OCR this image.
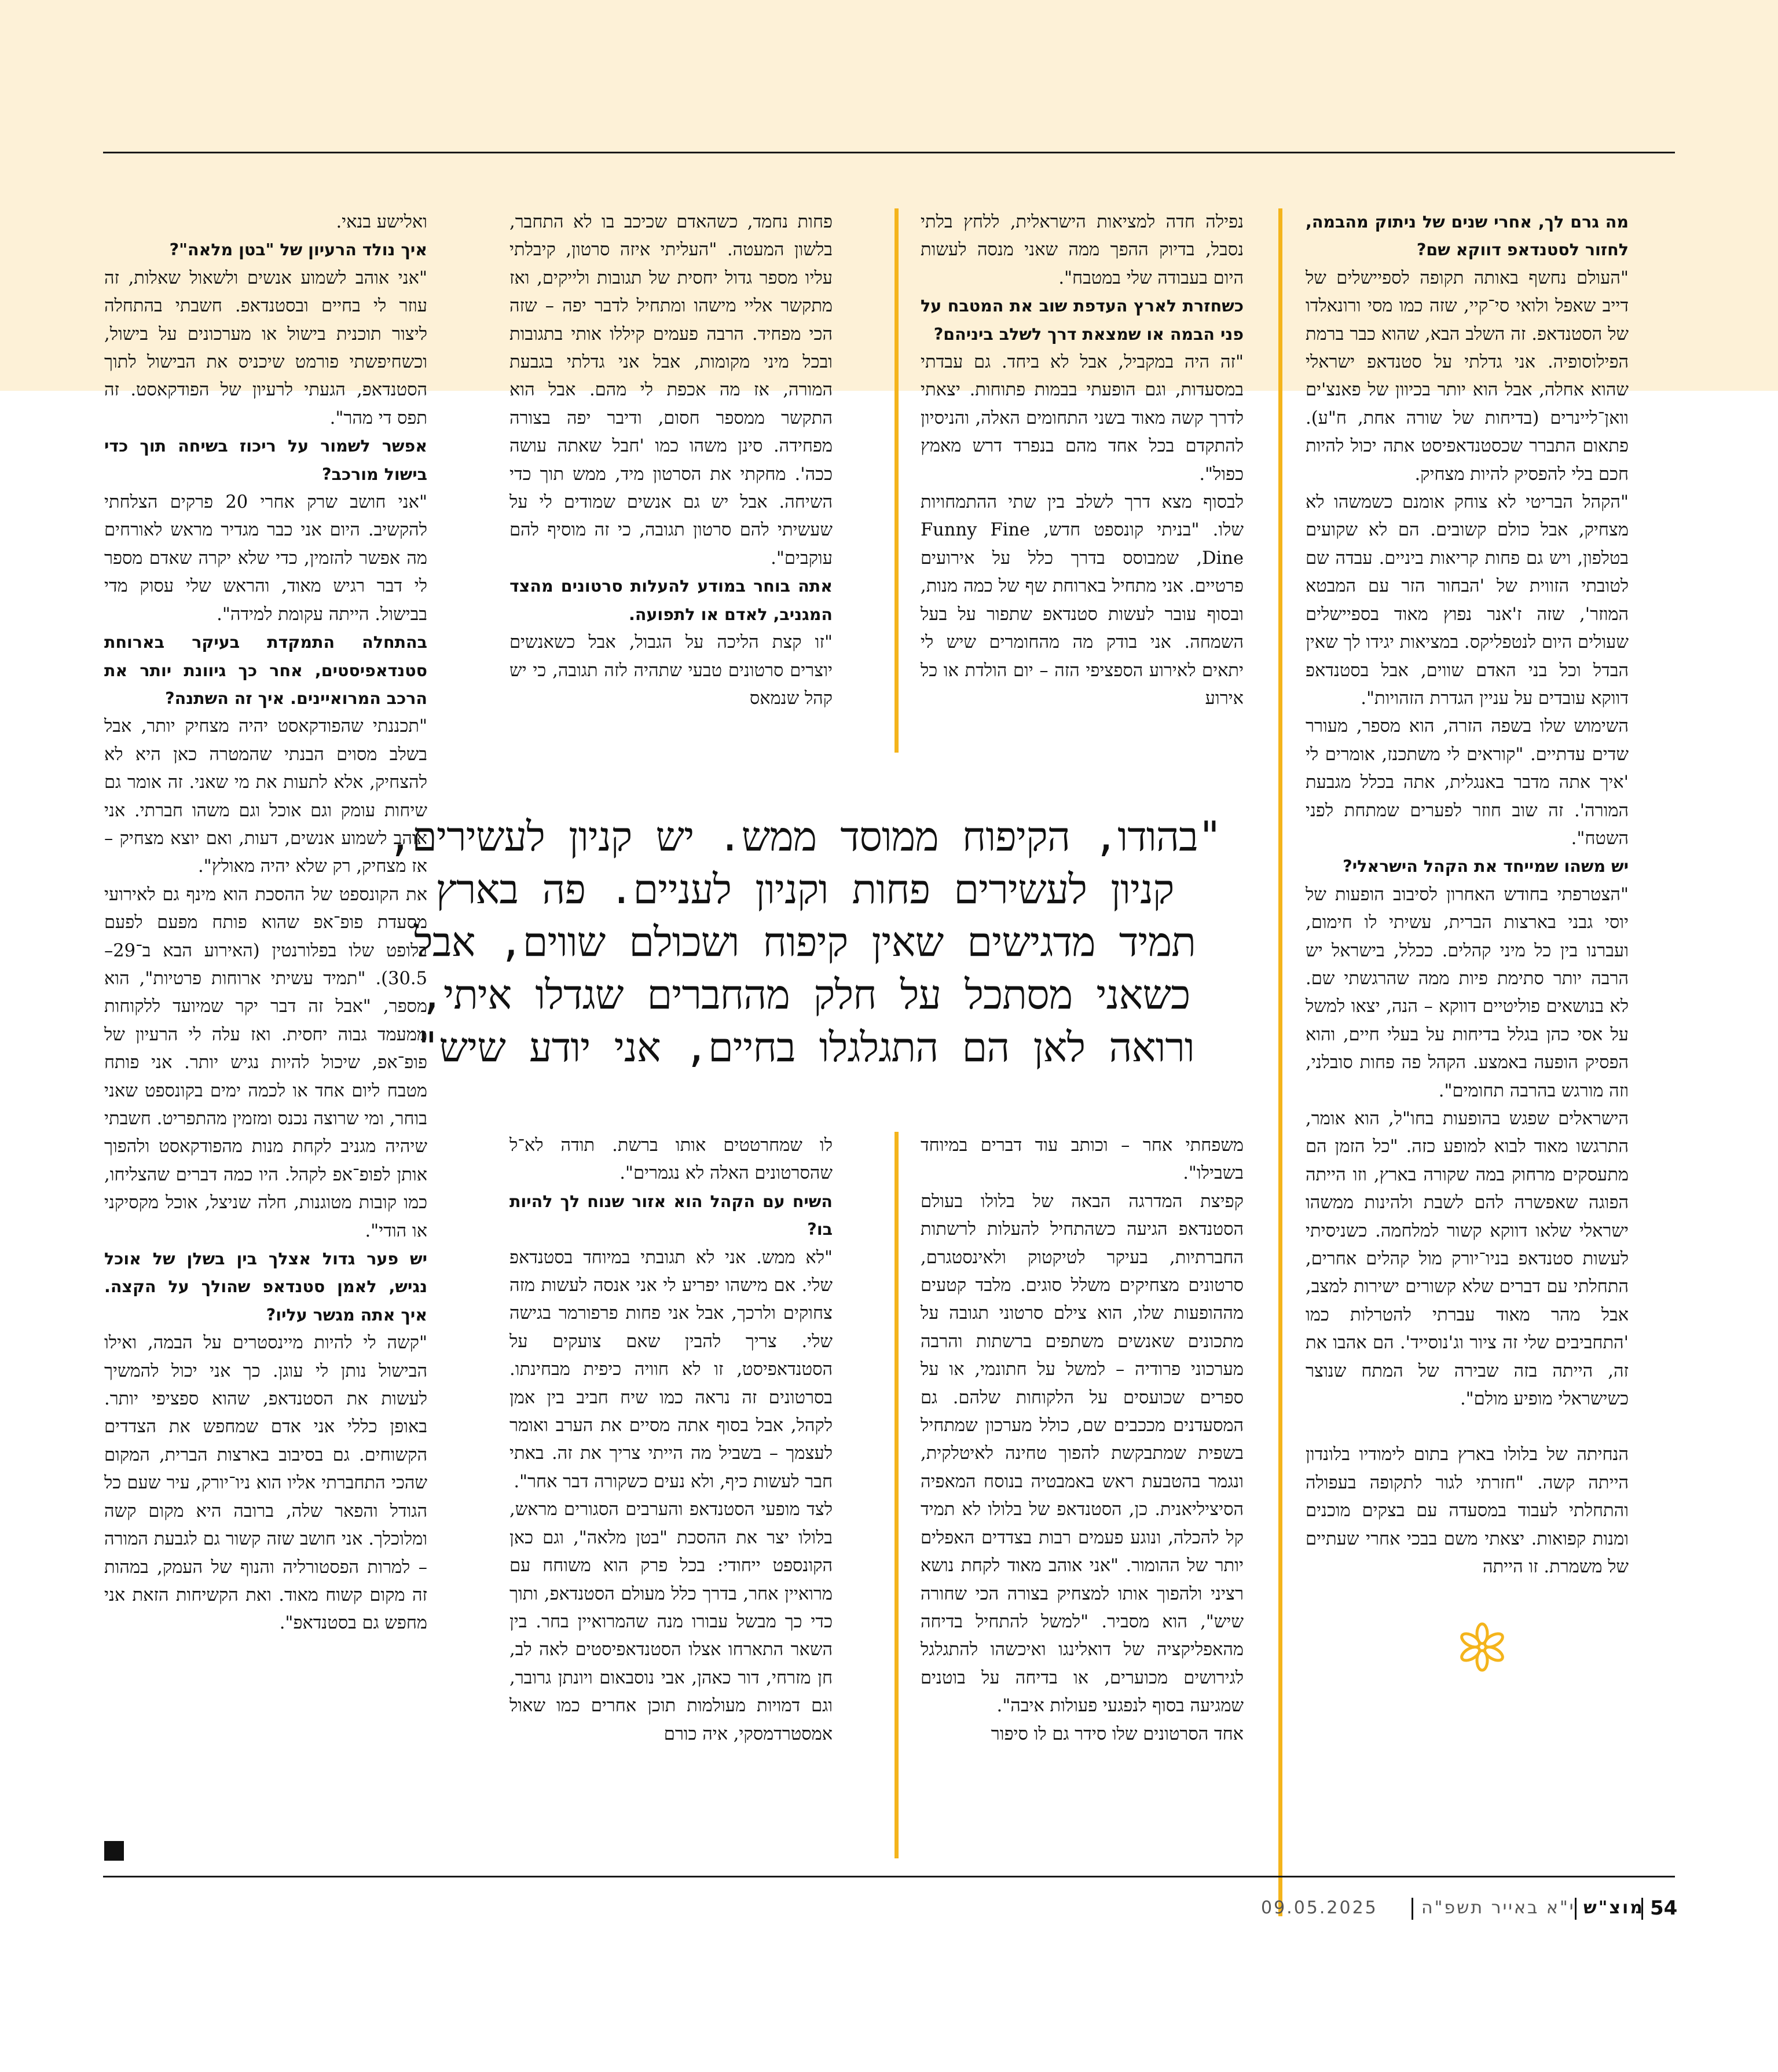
מה גרם לך, אחרי שנים של ניתוק מהבמה, לחזור לסטנדאפ דווקא שם?

"העולם נחשף באותה תקופה לספיישלים של דייב שאפל ולואי סי־קיי, שזה כמו מסי ורונאלדו של הסטנדאפ. זה השלב הבא, שהוא כבר ברמת הפילוסופיה. אני גדלתי על סטנדאפ ישראלי שהוא אחלה, אבל הוא יותר בכיוון של פאנצ'ים וואן־ליינרים (בדיחות של שורה אחת, ח"ע). פתאום התברר שכסטנדאפיסט אתה יכול להיות חכם בלי להפסיק להיות מצחיק.

"הקהל הבריטי לא צוחק אומנם כשמשהו לא מצחיק, אבל כולם קשובים. הם לא שקועים בטלפון, ויש גם פחות קריאות ביניים. עבדה שם לטובתי הזווית של 'הבחור הזר עם המבטא המוזר', שזה ז'אנר נפוץ מאוד בספיישלים שעולים היום לנטפליקס. במציאות יגידו לך שאין הבדל וכל בני האדם שווים, אבל בסטנדאפ דווקא עובדים על עניין הגדרת הזהויות".

השימוש שלו בשפה הזרה, הוא מספר, מעורר שדים עדתיים. "קוראים לי משתכנז, אומרים לי 'איך אתה מדבר באנגלית, אתה בכלל מגבעת המורה'. זה שוב חוזר לפערים שמתחת לפני השטח".

יש משהו שמייחד את הקהל הישראלי?

"הצטרפתי בחודש האחרון לסיבוב הופעות של יוסי גבני בארצות הברית, עשיתי לו חימום, ועברנו בין כל מיני קהלים. ככלל, בישראל יש הרבה יותר סתימת פיות ממה שהרגשתי שם. לא בנושאים פוליטיים דווקא – הנה, יצאו למשל על אסי כהן בגלל בדיחות על בעלי חיים, והוא הפסיק הופעה באמצע. הקהל פה פחות סובלני, וזה מורגש בהרבה תחומים".

הישראלים שפגש בהופעות בחו"ל, הוא אומר, התרגשו מאוד לבוא למופע כזה. "כל הזמן הם מתעסקים מרחוק במה שקורה בארץ, וזו הייתה הפוגה שאפשרה להם לשבת ולהינות ממשהו ישראלי שלאו דווקא קשור למלחמה. כשניסיתי לעשות סטנדאפ בניו־יורק מול קהלים אחרים, התחלתי עם דברים שלא קשורים ישירות למצב, אבל מהר מאוד עברתי להטרלות כמו 'התחביבים שלי זה ציור וג'נוסייד'. הם אהבו את זה, הייתה בזה שבירה של המתח שנוצר כשישראלי מופיע מולם".

הנחיתה של בלולו בארץ בתום לימודיו בלונדון הייתה קשה. "חזרתי לגור לתקופה בעפולה והתחלתי לעבוד במסעדה עם בצקים מוכנים ומנות קפואות. יצאתי משם בבכי אחרי שעתיים של משמרת. זו הייתה

נפילה חדה למציאות הישראלית, ללחץ בלתי נסבל, בדיוק ההפך ממה שאני מנסה לעשות היום בעבודה שלי במטבח".

כשחזרת לארץ העדפת שוב את המטבח על פני הבמה או שמצאת דרך לשלב ביניהם?

"זה היה במקביל, אבל לא ביחד. גם עבדתי במסעדות, וגם הופעתי בבמות פתוחות. יצאתי לדרך קשה מאוד בשני התחומים האלה, והניסיון להתקדם בכל אחד מהם בנפרד דרש מאמץ כפול".

לבסוף מצא דרך לשלב בין שתי ההתמחויות שלו. "בניתי קונספט חדש, Funny Fine Dine, שמבוסס בדרך כלל על אירועים פרטיים. אני מתחיל בארוחת שף של כמה מנות, ובסוף עובר לעשות סטנדאפ שתפור על בעל השמחה. אני בודק מה מהחומרים שיש לי יתאים לאירוע הספציפי הזה – יום הולדת או כל אירוע

משפחתי אחר – וכותב עוד דברים במיוחד בשבילו".

קפיצת המדרגה הבאה של בלולו בעולם הסטנדאפ הגיעה כשהתחיל להעלות לרשתות החברתיות, בעיקר לטיקטוק ולאינסטגרם, סרטונים מצחיקים משלל סוגים. מלבד קטעים מההופעות שלו, הוא צילם סרטוני תגובה על מתכונים שאנשים משתפים ברשתות והרבה מערכוני פרודיה – למשל על חתונמי, או על ספרים שכועסים על הלקוחות שלהם. גם המסעדנים מככבים שם, כולל מערכון שמתחיל בשפית שמתבקשת להפוך טחינה לאיטלקית, ונגמר בהטבעת ראש באמבטיה בנוסח המאפיה הסיציליאנית. כן, הסטנדאפ של בלולו לא תמיד קל להכלה, ונוגע פעמים רבות בצדדים האפלים יותר של ההומור. "אני אוהב מאוד לקחת נושא רציני ולהפוך אותו למצחיק בצורה הכי שחורה שיש", הוא מסביר. "למשל להתחיל בדיחה מהאפליקציה של דואלינגו ואיכשהו להתגלגל לגירושים מכוערים, או בדיחה על בוטנים שמגיעה בסוף לנפגעי פעולות איבה".

אחד הסרטונים שלו סידר גם לו סיפור

פחות נחמד, כשהאדם שכיכב בו לא התחבר, בלשון המעטה. "העליתי איזה סרטון, קיבלתי עליו מספר גדול יחסית של תגובות ולייקים, ואז מתקשר אליי מישהו ומתחיל לדבר יפה – שזה הכי מפחיד. הרבה פעמים קיללו אותי בתגובות ובכל מיני מקומות, אבל אני גדלתי בגבעת המורה, אז מה אכפת לי מהם. אבל הוא התקשר ממספר חסום, ודיבר יפה בצורה מפחידה. סינן משהו כמו 'חבל שאתה עושה ככה'. מחקתי את הסרטון מיד, ממש תוך כדי השיחה. אבל יש גם אנשים שמודים לי על שעשיתי להם סרטון תגובה, כי זה מוסיף להם עוקבים".

אתה בוחר במודע להעלות סרטונים מהצד המגניב, לאדם או לתפועה.

"זו קצת הליכה על הגבול, אבל כשאנשים יוצרים סרטונים טבעי שתהיה לזה תגובה, כי יש קהל שנמאס

לו שמחרטטים אותו ברשת. תודה לא־ל שהסרטונים האלה לא נגמרים".

השיח עם הקהל הוא אזור שנוח לך להיות בו?

"לא ממש. אני לא תגובתי במיוחד בסטנדאפ שלי. אם מישהו יפריע לי אני אנסה לעשות מזה צחוקים ולרכך, אבל אני פחות פרפורמר בגישה שלי. צריך להבין שאם צועקים על הסטנדאפיסט, זו לא חוויה כיפית מבחינתו. בסרטונים זה נראה כמו שיח חביב בין אמן לקהל, אבל בסוף אתה מסיים את הערב ואומר לעצמך – בשביל מה הייתי צריך את זה. באתי חבר לעשות כיף, ולא נעים כשקורה דבר אחר".

לצד מופעי הסטנדאפ והערבים הסגורים מראש, בלולו יצר את ההסכת "בטן מלאה", וגם כאן הקונספט ייחודי: בכל פרק הוא משוחח עם מרואיין אחר, בדרך כלל מעולם הסטנדאפ, ותוך כדי כך מבשל עבורו מנה שהמרואיין בחר. בין השאר התארחו אצלו הסטנדאפיסטים לאה לב, חן מזרחי, דור כאהן, אבי נוסבאום ויונתן גרובר, וגם דמויות מעולמות תוכן אחרים כמו שאול אמסטרדמסקי, איה כורם

ואלישע בנאי.

איך נולד הרעיון של "בטן מלאה"?

"אני אוהב לשמוע אנשים ולשאול שאלות, זה עוזר לי בחיים ובסטנדאפ. חשבתי בהתחלה ליצור תוכנית בישול או מערכונים על בישול, וכשחיפשתי פורמט שיכניס את הבישול לתוך הסטנדאפ, הגעתי לרעיון של הפודקאסט. זה תפס די מהר".

אפשר לשמור על ריכוז בשיחה תוך כדי בישול מורכב?

"אני חושב שרק אחרי 20 פרקים הצלחתי להקשיב. היום אני כבר מגדיר מראש לאורחים מה אפשר להזמין, כדי שלא יקרה שאדם מספר לי דבר רגיש מאוד, והראש שלי עסוק מדי בבישול. הייתה עקומת למידה".

בהתחלה התמקדת בעיקר בארוחת סטנדאפיסטים, אחר כך גיוונת יותר את הרכב המרואיינים. איך זה השתנה?

"תכננתי שהפודקאסט יהיה מצחיק יותר, אבל בשלב מסוים הבנתי שהמטרה כאן היא לא להצחיק, אלא לתעות את מי שאני. זה אומר גם שיחות עומק וגם אוכל וגם משהו חברתי. אני אוהב לשמוע אנשים, דעות, ואם יוצא מצחיק – אז מצחיק, רק שלא יהיה מאולץ".

את הקונספט של ההסכת הוא מינף גם לאירועי מסעדת פופ־אפ שהוא פותח מפעם לפעם בלופט שלו בפלורנטין (האירוע הבא ב־29–30.5). "תמיד עשיתי ארוחות פרטיות", הוא מספר, "אבל זה דבר יקר שמיועד ללקוחות ממעמד גבוה יחסית. ואז עלה לי הרעיון של פופ־אפ, שיכול להיות נגיש יותר. אני פותח מטבח ליום אחד או לכמה ימים בקונספט שאני בוחר, ומי שרוצה נכנס ומזמין מהתפריט. חשבתי שיהיה מגניב לקחת מנות מהפודקאסט ולהפוך אותן לפופ־אפ לקהל. היו כמה דברים שהצליחו, כמו קובות מטוגנות, חלה שניצל, אוכל מקסיקני או הודי".

יש פער גדול אצלך בין בשלן של אוכל נגיש, לאמן סטנדאפ שהולך על הקצה. איך אתה מגשר עליו?

"קשה לי להיות מיינסטרים על הבמה, ואילו הבישול נותן לי עוגן. כך אני יכול להמשיך לעשות את הסטנדאפ, שהוא ספציפי יותר. באופן כללי אני אדם שמחפש את הצדדים הקשוחים. גם בסיבוב בארצות הברית, המקום שהכי התחברתי אליו הוא ניו־יורק, עיר שעם כל הגודל והפאר שלה, ברובה היא מקום קשה ומלוכלך. אני חושב שזה קשור גם לגבעת המורה – למרות הפסטורליה והנוף של העמק, במהות זה מקום קשוח מאוד. ואת הקשיחות הזאת אני מחפש גם בסטנדאפ".

"בהודו, הקיפוח ממוסד ממש. יש קניון לעשירים,
קניון לעשירים פחות וקניון לעניים. פה בארץ
תמיד מדגישים שאין קיפוח ושכולם שווים, אבל
כשאני מסתכל על חלק מהחברים שגדלו איתי,
ורואה לאן הם התגלגלו בחיים, אני יודע שיש"
54
מוצ"ש
י"א באייר תשפ"ה
09.05.2025
